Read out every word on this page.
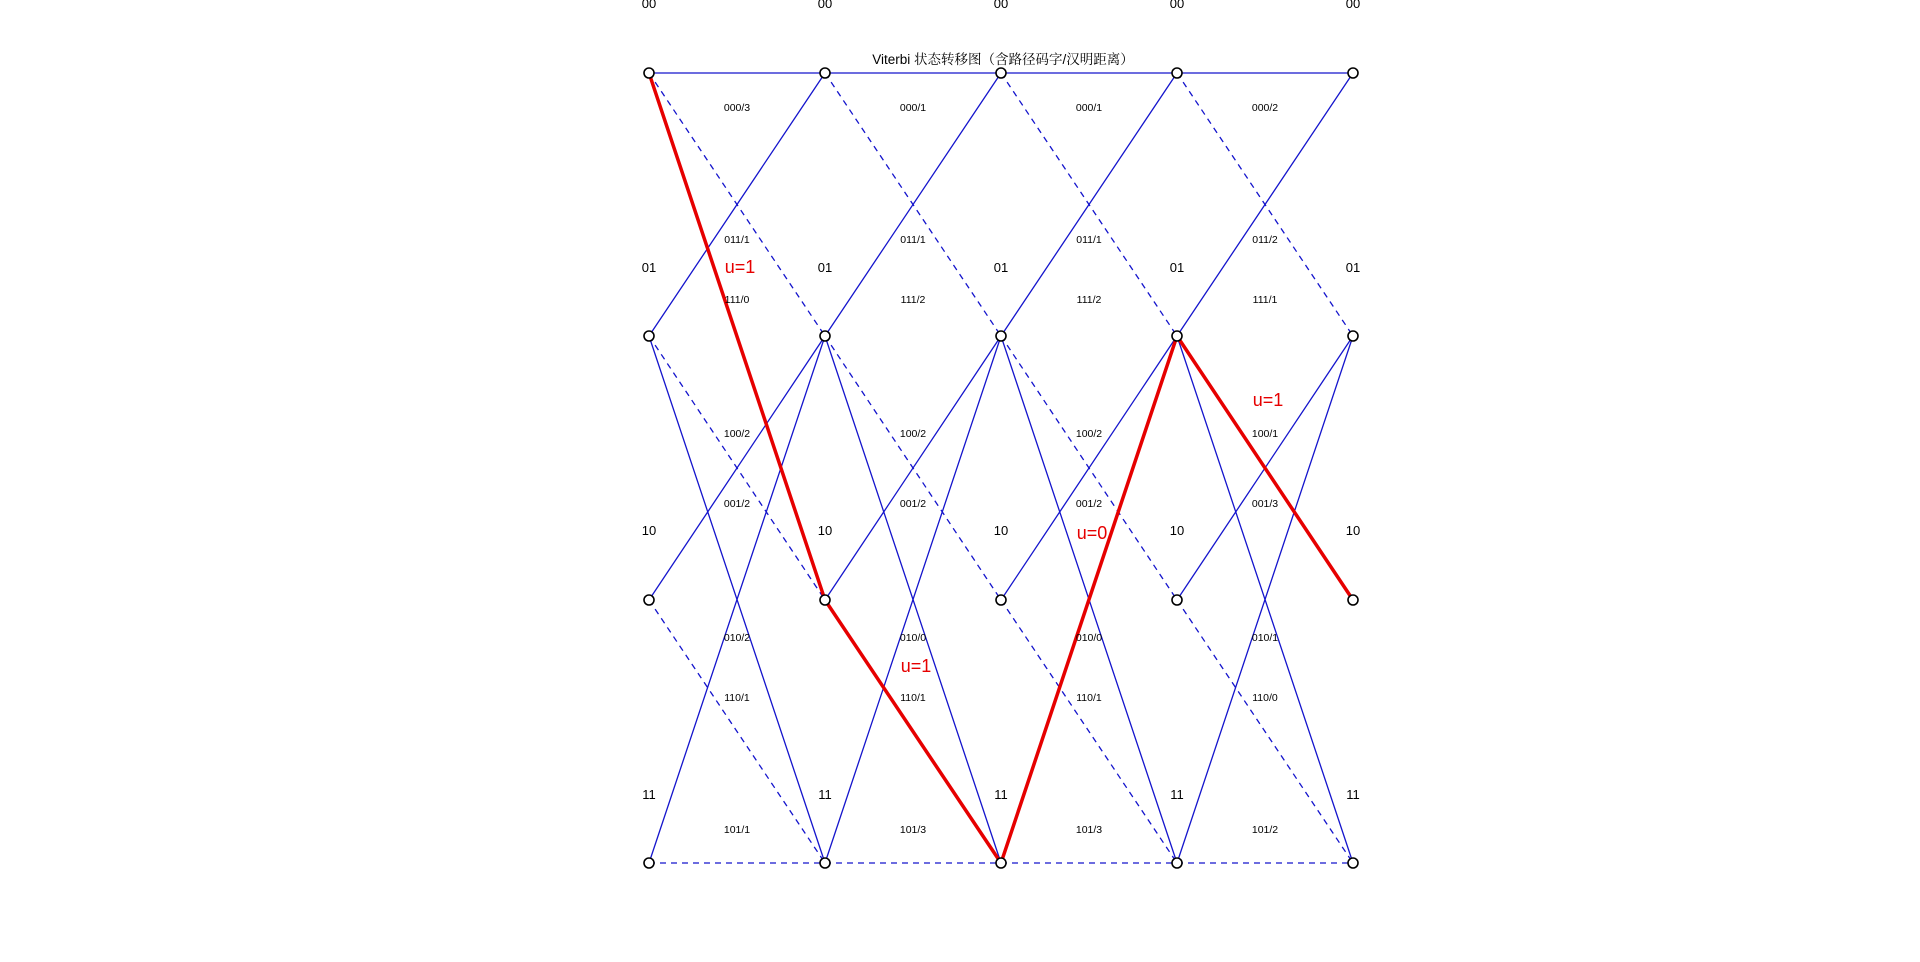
00
01
10
11
00
01
10
11
00
01
10
11
00
01
10
11
00
01
10
11
000/3	000/1	000/1	000/2
011/1	011/1	011/1	011/2
111/0	111/2	111/2	111/1
100/2	100/2	100/2	100/1
001/2	001/2	001/2	001/3
010/2	010/0	010/0	010/1
110/1	110/1	110/1	110/0
101/1	101/3	101/3	101/2
u=1
u=1
u=0
u=1
Viterbi 状态转移图（含路径码字/汉明距离）
